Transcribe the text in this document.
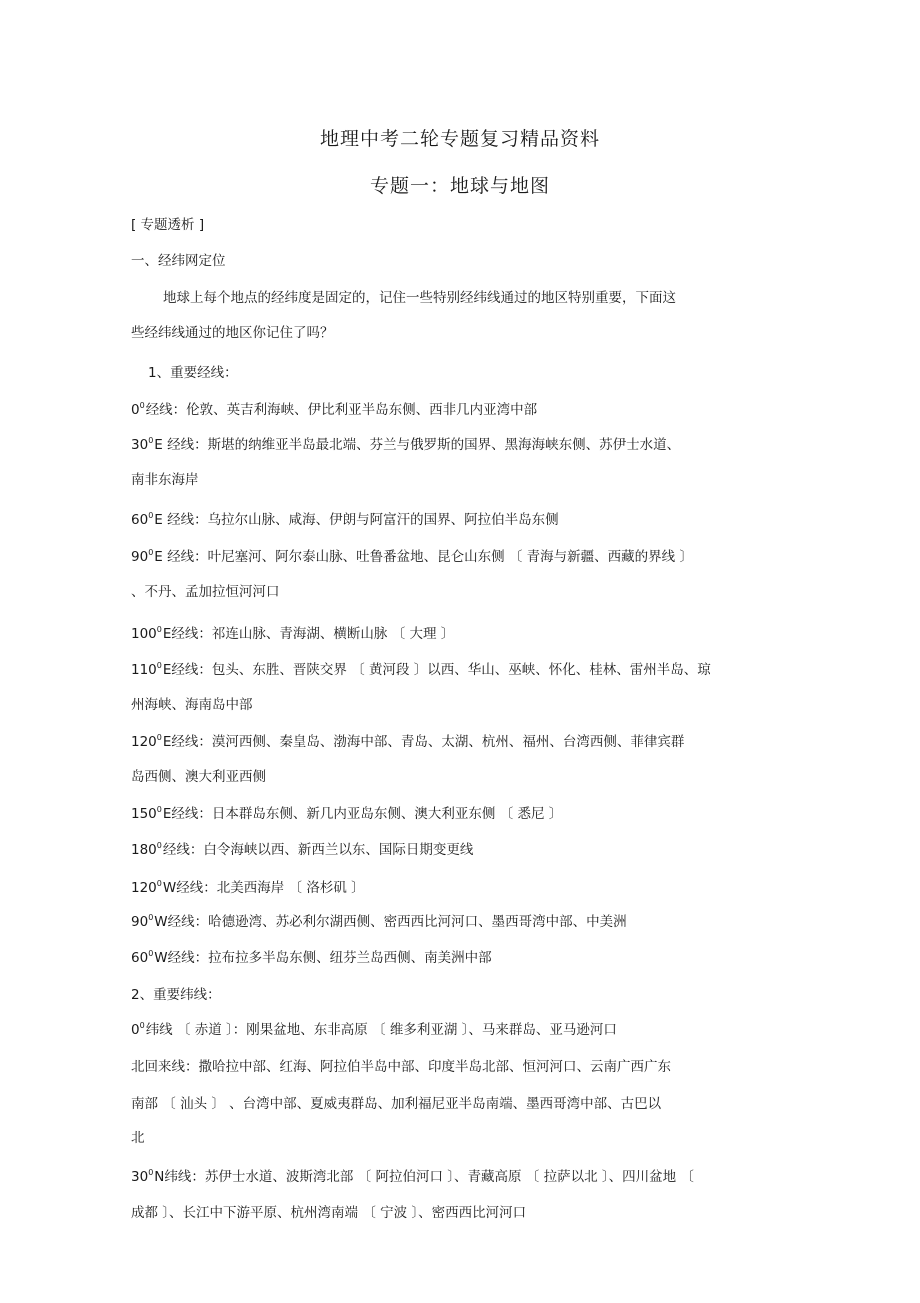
地理中考二轮专题复习精品资料
专题一：地球与地图
[ 专题透析 ]
一、经纬网定位
地球上每个地点的经纬度是固定的，记住一些特别经纬线通过的地区特别重要，下面这
些经纬线通过的地区你记住了吗？
1、重要经线：
$0^0$经线：伦敦、英吉利海峡、伊比利亚半岛东侧、西非几内亚湾中部
$30^0E$ 经线：斯堪的纳维亚半岛最北端、芬兰与俄罗斯的国界、黑海海峡东侧、苏伊士水道、
南非东海岸
$60^0E$ 经线：乌拉尔山脉、咸海、伊朗与阿富汗的国界、阿拉伯半岛东侧
$90^0E$ 经线：叶尼塞河、阿尔泰山脉、吐鲁番盆地、昆仑山东侧 〔 青海与新疆、西藏的界线 〕
、不丹、孟加拉恒河河口
$100^0E$经线：祁连山脉、青海湖、横断山脉 〔 大理 〕
$110^0E$经线：包头、东胜、晋陕交界 〔 黄河段 〕以西、华山、巫峡、怀化、桂林、雷州半岛、琼
州海峡、海南岛中部
$120^0E$经线：漠河西侧、秦皇岛、渤海中部、青岛、太湖、杭州、福州、台湾西侧、菲律宾群
岛西侧、澳大利亚西侧
$150^0E$经线：日本群岛东侧、新几内亚岛东侧、澳大利亚东侧 〔 悉尼 〕
$180^0$经线：白令海峡以西、新西兰以东、国际日期变更线
$120^0W$经线：北美西海岸 〔 洛杉矶 〕
$90^0W$经线：哈德逊湾、苏必利尔湖西侧、密西西比河河口、墨西哥湾中部、中美洲
$60^0W$经线：拉布拉多半岛东侧、纽芬兰岛西侧、南美洲中部
2、重要纬线：
$0^0$纬线 〔 赤道 〕：刚果盆地、东非高原 〔 维多利亚湖 〕、马来群岛、亚马逊河口
北回来线：撒哈拉中部、红海、阿拉伯半岛中部、印度半岛北部、恒河河口、云南广西广东
南部 〔 汕头 〕 、台湾中部、夏威夷群岛、加利福尼亚半岛南端、墨西哥湾中部、古巴以
北
$30^0N$纬线：苏伊士水道、波斯湾北部 〔 阿拉伯河口 〕、青藏高原 〔 拉萨以北 〕、四川盆地 〔
成都 〕、长江中下游平原、杭州湾南端 〔 宁波 〕、密西西比河河口
